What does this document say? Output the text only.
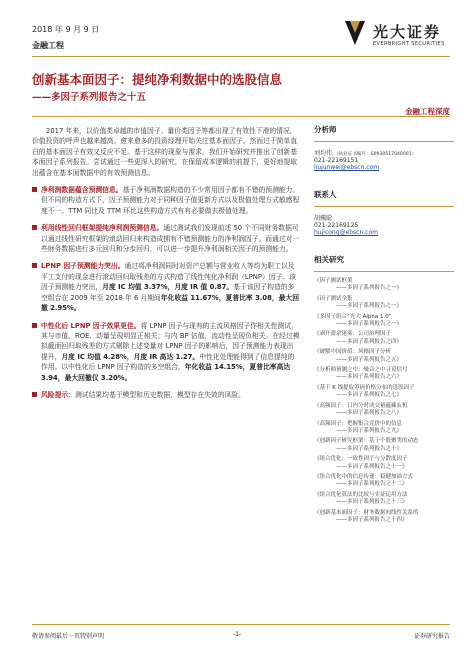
2018 年 9 月 9 日
金融工程
光大证券
EVERBRIGHT SECURITIES
创新基本面因子：提纯净利数据中的选股信息
——多因子系列报告之十五
金融工程深度

2017 年来，以价值类卓越的市值因子、量价类因子等都出现了有效性下滑的情况，价值投资的呼声也越来越高。愈来愈多的投资经理开始关注基本面因子。然而过于简单直白的基本面因子有效又反应不足。基于这样的现象与需求，我们开始研究并推出了创新基本面因子系列报告。尝试通过一些更深入的研究，在保留成本逻辑的前提下，更好地提取出蕴含在基本面数据中的有效预测信息。

净利润数据蕴含预测信息。基于净利润数据构造的不少常用因子都有不错的预测能力。但不同的构造方式下，因子预测能力对于同种因子值更新方式以及极值处理方式敏感程度不一。TTM 同比及 TTM 环比这些构造方式有有必要做去极值处理。
利用线性回归框架提纯净利润预测信息。通过测试我们发现前述 50 个不同财务数据可以通过线性研究框架的滚动回归来构造成拥有不错预测能力的净利润因子。而通过对一些财务数据进行多元回归和分步回归，可以进一步提升净利润相关因子的预测能力。
LPNP 因子预测能力突出。通过将净利润同时对资产总额与营业收入等均为职工以及平工支付的现金进行滚动回归取残差的方式构造了线性纯化净利润（LPNP）因子。该因子预测能力突出，月度 IC 均值 3.37%，月度 IR 值 0.87。基于该因子构造的多空组合在 2009 年至 2018 年 6 月期间年化收益 11.67%，夏普比率 3.08，最大回撤 2.95%。
中性化后 LPNP 因子效果更佳。将 LPNP 因子与现有的主流风格因子作相关性测试，其与市值、ROE、动量呈现明显正相关；与内 BP 估值、流动性呈现负相关。在经过模拟截面回归取残差的方式剔除上述变量对 LPNP 因子的影响后，因子预测能力表现出提升，月度 IC 均值 4.28%，月度 IR 高达 1.27。中性化处理能得到了信息提纯的作用。以中性化后 LPNP 因子构造的多空组合，年化收益 14.15%，夏普比率高达 3.94，最大回撤仅 3.20%。
风险提示：测试结果均基于模型和历史数据，模型存在失效的风险。
分析师
刘均伟 （执业证书编号：S0930517040001）
021-22169151
liujunwei@ebscn.com
联系人
胡骥聪
021-22169125
hujicong@ebscn.com
相关研究
《因子测试框架
——多因子系列报告之一》
《因子测试全集
——多因子系列报告之一》
《多因子组合“光大 Alpha 1.0”
——多因子系列报告之一》
《剥开盈余迷雾：公司治理因子
——多因子系列报告之四》
《破解中国价值：风格因子分析
——多因子系列报告之五》
《分析师预测之中：噪音之中寻觅信号
——多因子系列报告之六》
《基于 K 线提取筹码价格分布的选股因子
——多因子系列报告之七》
《高频因子：日内分时成交量蕴藏玄机
——多因子系列报告之八》
《高频因子：把握集合竞价中的信息
——多因子系列报告之九》
《创新因子研究框架：基于个股聚类的动态
——多因子系列报告之十》
《组合优化：一致性因子与分散度因子
——多因子系列报告之十一》
《组合优化中的信息传递：稳健加油方式
——多因子系列报告之十二》
《组合优化算法的比较与实证运用方法
——多因子系列报告之十三》
《创新基本面因子：财务数据间线性关系的
——多因子系列报告之十四》
敬请参阅最后一页特别声明	-1-	证券研究报告
